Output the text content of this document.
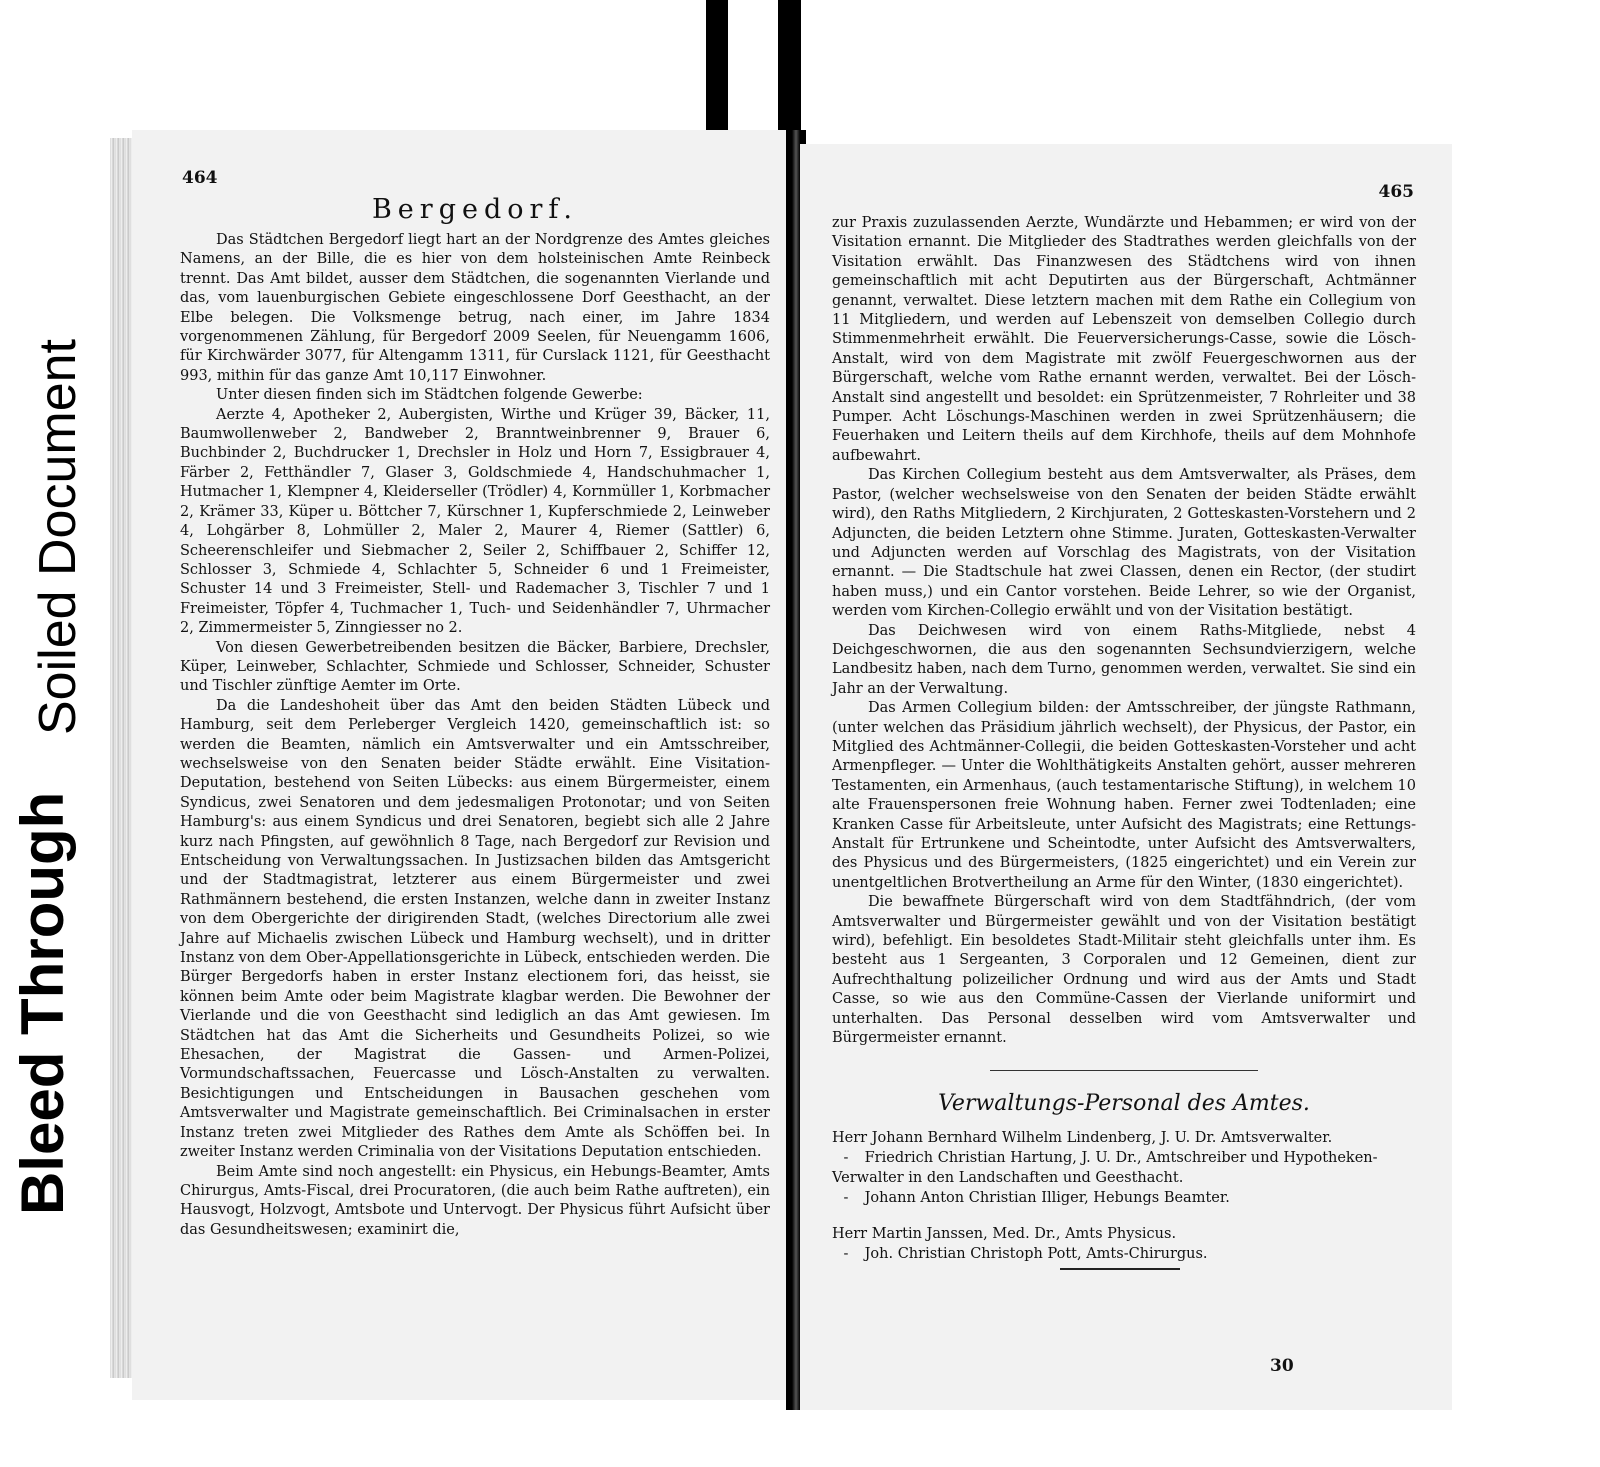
Bleed Through
Soiled Document
464
Bergedorf.

Das Städtchen Bergedorf liegt hart an der Nordgrenze des Amtes gleiches Namens, an der Bille, die es hier von dem holsteinischen Amte Reinbeck trennt. Das Amt bildet, ausser dem Städtchen, die sogenannten Vierlande und das, vom lauenburgischen Gebiete eingeschlossene Dorf Geesthacht, an der Elbe belegen. Die Volksmenge betrug, nach einer, im Jahre 1834 vorgenommenen Zählung, für Bergedorf 2009 Seelen, für Neuengamm 1606, für Kirchwärder 3077, für Altengamm 1311, für Curslack 1121, für Geesthacht 993, mithin für das ganze Amt 10,117 Einwohner.

Unter diesen finden sich im Städtchen folgende Gewerbe:

Aerzte 4, Apotheker 2, Aubergisten, Wirthe und Krüger 39, Bäcker, 11, Baumwollenweber 2, Bandweber 2, Branntweinbrenner 9, Brauer 6, Buchbinder 2, Buchdrucker 1, Drechsler in Holz und Horn 7, Essigbrauer 4, Färber 2, Fetthändler 7, Glaser 3, Goldschmiede 4, Handschuhmacher 1, Hutmacher 1, Klempner 4, Kleiderseller (Trödler) 4, Kornmüller 1, Korbmacher 2, Krämer 33, Küper u. Böttcher 7, Kürschner 1, Kupferschmiede 2, Leinweber 4, Lohgärber 8, Lohmüller 2, Maler 2, Maurer 4, Riemer (Sattler) 6, Scheerenschleifer und Siebmacher 2, Seiler 2, Schiffbauer 2, Schiffer 12, Schlosser 3, Schmiede 4, Schlachter 5, Schneider 6 und 1 Freimeister, Schuster 14 und 3 Freimeister, Stell- und Rademacher 3, Tischler 7 und 1 Freimeister, Töpfer 4, Tuchmacher 1, Tuch- und Seidenhändler 7, Uhrmacher 2, Zimmermeister 5, Zinngiesser no 2.

Von diesen Gewerbetreibenden besitzen die Bäcker, Barbiere, Drechsler, Küper, Leinweber, Schlachter, Schmiede und Schlosser, Schneider, Schuster und Tischler zünftige Aemter im Orte.

Da die Landeshoheit über das Amt den beiden Städten Lübeck und Hamburg, seit dem Perleberger Vergleich 1420, gemeinschaftlich ist: so werden die Beamten, nämlich ein Amtsverwalter und ein Amtsschreiber, wechselsweise von den Senaten beider Städte erwählt. Eine Visitation-Deputation, bestehend von Seiten Lübecks: aus einem Bürgermeister, einem Syndicus, zwei Senatoren und dem jedesmaligen Protonotar; und von Seiten Hamburg's: aus einem Syndicus und drei Senatoren, begiebt sich alle 2 Jahre kurz nach Pfingsten, auf gewöhnlich 8 Tage, nach Bergedorf zur Revision und Entscheidung von Verwaltungssachen. In Justizsachen bilden das Amtsgericht und der Stadtmagistrat, letzterer aus einem Bürgermeister und zwei Rathmännern bestehend, die ersten Instanzen, welche dann in zweiter Instanz von dem Obergerichte der dirigirenden Stadt, (welches Directorium alle zwei Jahre auf Michaelis zwischen Lübeck und Hamburg wechselt), und in dritter Instanz von dem Ober-Appellationsgerichte in Lübeck, entschieden werden. Die Bürger Bergedorfs haben in erster Instanz electionem fori, das heisst, sie können beim Amte oder beim Magistrate klagbar werden. Die Bewohner der Vierlande und die von Geesthacht sind lediglich an das Amt gewiesen. Im Städtchen hat das Amt die Sicherheits und Gesundheits Polizei, so wie Ehesachen, der Magistrat die Gassen- und Armen-Polizei, Vormundschaftssachen, Feuercasse und Lösch-Anstalten zu verwalten. Besichtigungen und Entscheidungen in Bausachen geschehen vom Amtsverwalter und Magistrate gemeinschaftlich. Bei Criminalsachen in erster Instanz treten zwei Mitglieder des Rathes dem Amte als Schöffen bei. In zweiter Instanz werden Criminalia von der Visitations Deputation entschieden.

Beim Amte sind noch angestellt: ein Physicus, ein Hebungs-Beamter, Amts Chirurgus, Amts-Fiscal, drei Procuratoren, (die auch beim Rathe auftreten), ein Hausvogt, Holzvogt, Amtsbote und Untervogt. Der Physicus führt Aufsicht über das Gesundheitswesen; examinirt die,

465

zur Praxis zuzulassenden Aerzte, Wundärzte und Hebammen; er wird von der Visitation ernannt. Die Mitglieder des Stadtrathes werden gleichfalls von der Visitation erwählt. Das Finanzwesen des Städtchens wird von ihnen gemeinschaftlich mit acht Deputirten aus der Bürgerschaft, Achtmänner genannt, verwaltet. Diese letztern machen mit dem Rathe ein Collegium von 11 Mitgliedern, und werden auf Lebenszeit von demselben Collegio durch Stimmenmehrheit erwählt. Die Feuerversicherungs-Casse, sowie die Lösch-Anstalt, wird von dem Magistrate mit zwölf Feuergeschwornen aus der Bürgerschaft, welche vom Rathe ernannt werden, verwaltet. Bei der Lösch-Anstalt sind angestellt und besoldet: ein Sprützenmeister, 7 Rohrleiter und 38 Pumper. Acht Löschungs-Maschinen werden in zwei Sprützenhäusern; die Feuerhaken und Leitern theils auf dem Kirchhofe, theils auf dem Mohnhofe aufbewahrt.

Das Kirchen Collegium besteht aus dem Amtsverwalter, als Präses, dem Pastor, (welcher wechselsweise von den Senaten der beiden Städte erwählt wird), den Raths Mitgliedern, 2 Kirchjuraten, 2 Gotteskasten-Vorstehern und 2 Adjuncten, die beiden Letztern ohne Stimme. Juraten, Gotteskasten-Verwalter und Adjuncten werden auf Vorschlag des Magistrats, von der Visitation ernannt. — Die Stadtschule hat zwei Classen, denen ein Rector, (der studirt haben muss,) und ein Cantor vorstehen. Beide Lehrer, so wie der Organist, werden vom Kirchen-Collegio erwählt und von der Visitation bestätigt.

Das Deichwesen wird von einem Raths-Mitgliede, nebst 4 Deichgeschwornen, die aus den sogenannten Sechsundvierzigern, welche Landbesitz haben, nach dem Turno, genommen werden, verwaltet. Sie sind ein Jahr an der Verwaltung.

Das Armen Collegium bilden: der Amtsschreiber, der jüngste Rathmann, (unter welchen das Präsidium jährlich wechselt), der Physicus, der Pastor, ein Mitglied des Achtmänner-Collegii, die beiden Gotteskasten-Vorsteher und acht Armenpfleger. — Unter die Wohlthätigkeits Anstalten gehört, ausser mehreren Testamenten, ein Armenhaus, (auch testamentarische Stiftung), in welchem 10 alte Frauenspersonen freie Wohnung haben. Ferner zwei Todtenladen; eine Kranken Casse für Arbeitsleute, unter Aufsicht des Magistrats; eine Rettungs-Anstalt für Ertrunkene und Scheintodte, unter Aufsicht des Amtsverwalters, des Physicus und des Bürgermeisters, (1825 eingerichtet) und ein Verein zur unentgeltlichen Brotvertheilung an Arme für den Winter, (1830 eingerichtet).

Die bewaffnete Bürgerschaft wird von dem Stadtfähndrich, (der vom Amtsverwalter und Bürgermeister gewählt und von der Visitation bestätigt wird), befehligt. Ein besoldetes Stadt-Militair steht gleichfalls unter ihm. Es besteht aus 1 Sergeanten, 3 Corporalen und 12 Gemeinen, dient zur Aufrechthaltung polizeilicher Ordnung und wird aus der Amts und Stadt Casse, so wie aus den Commüne-Cassen der Vierlande uniformirt und unterhalten. Das Personal desselben wird vom Amtsverwalter und Bürgermeister ernannt.

Verwaltungs-Personal des Amtes.

Herr Johann Bernhard Wilhelm Lindenberg, J. U. Dr. Amtsverwalter.

- Friedrich Christian Hartung, J. U. Dr., Amtschreiber und Hypotheken-Verwalter in den Landschaften und Geesthacht.

- Johann Anton Christian Illiger, Hebungs Beamter.

Herr Martin Janssen, Med. Dr., Amts Physicus.

- Joh. Christian Christoph Pott, Amts-Chirurgus.

30
